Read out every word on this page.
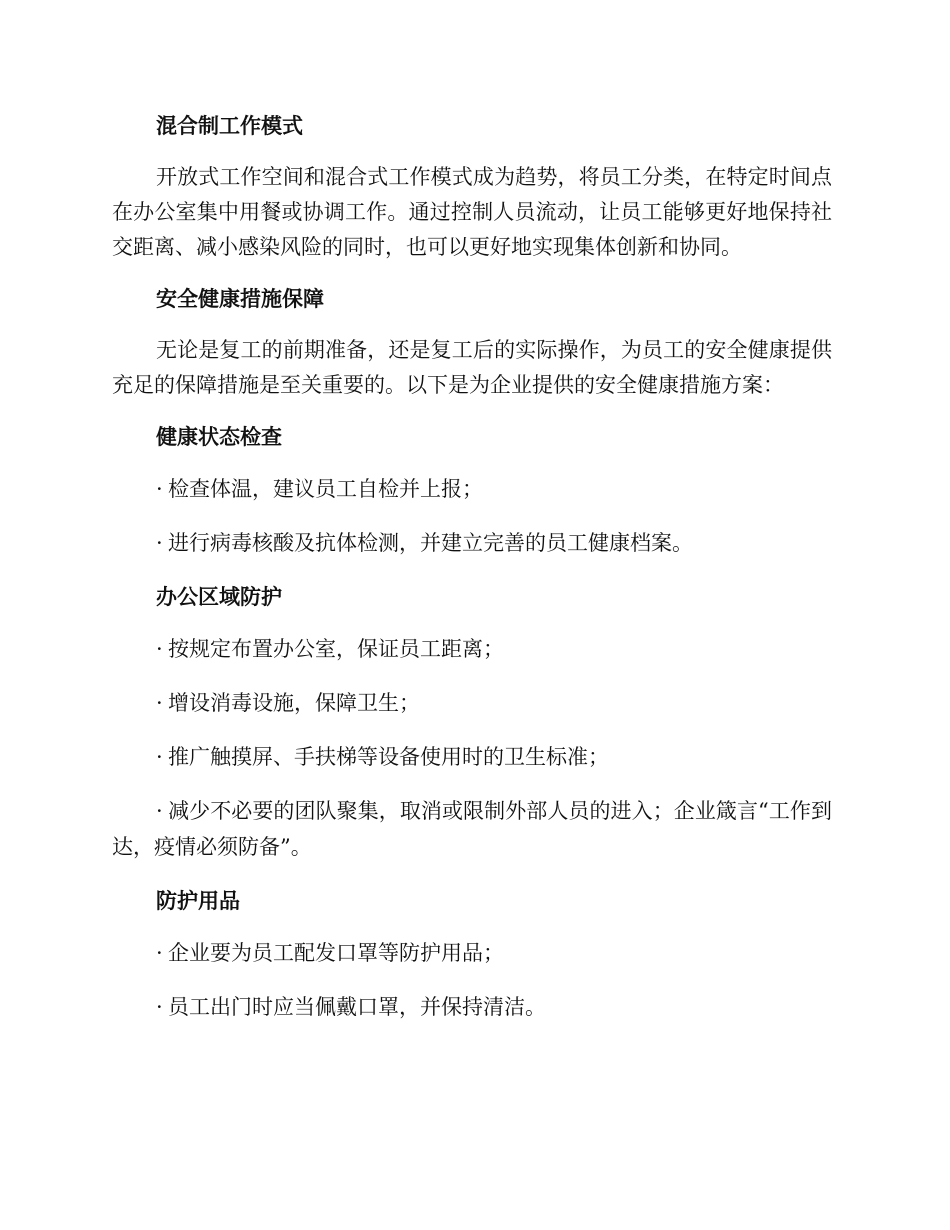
混合制工作模式

开放式工作空间和混合式工作模式成为趋势，将员工分类，在特定时间点在办公室集中用餐或协调工作。通过控制人员流动，让员工能够更好地保持社交距离、减小感染风险的同时，也可以更好地实现集体创新和协同。

安全健康措施保障

无论是复工的前期准备，还是复工后的实际操作，为员工的安全健康提供充足的保障措施是至关重要的。以下是为企业提供的安全健康措施方案：

健康状态检查

· 检查体温，建议员工自检并上报；

· 进行病毒核酸及抗体检测，并建立完善的员工健康档案。

办公区域防护

· 按规定布置办公室，保证员工距离；

· 增设消毒设施，保障卫生；

· 推广触摸屏、手扶梯等设备使用时的卫生标准；

· 减少不必要的团队聚集，取消或限制外部人员的进入；企业箴言“工作到达，疫情必须防备”。

防护用品

· 企业要为员工配发口罩等防护用品；

· 员工出门时应当佩戴口罩，并保持清洁。
